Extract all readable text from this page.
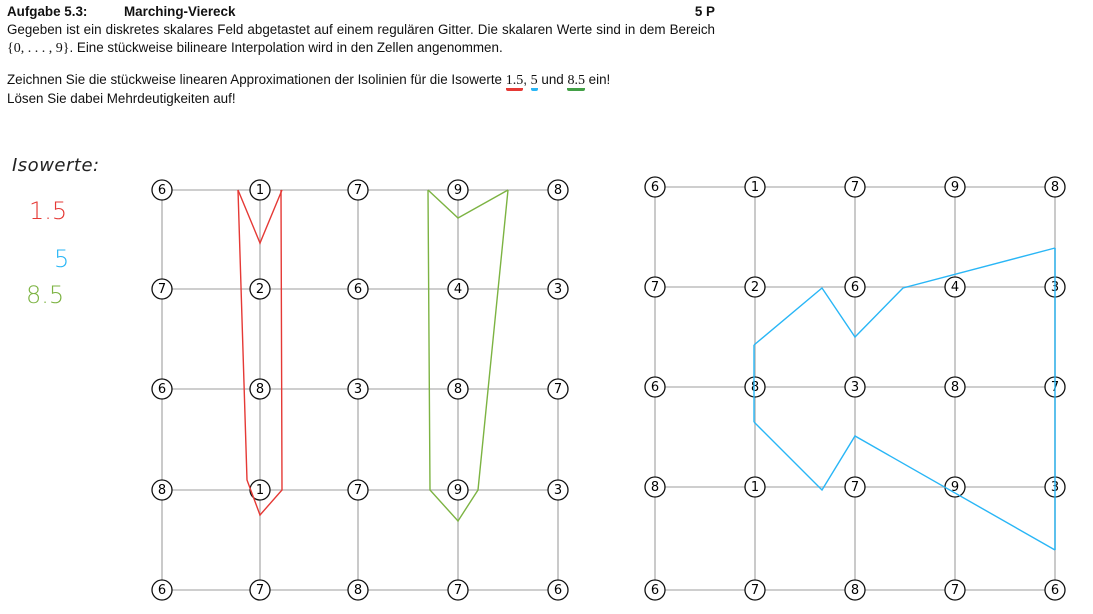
Aufgabe 5.3:	Marching-Viereck	5 P

Gegeben ist ein diskretes skalares Feld abgetastet auf einem regulären Gitter. Die skalaren Werte sind in dem Bereich {0, . . . , 9}. Eine stückweise bilineare Interpolation wird in den Zellen angenommen.

Zeichnen Sie die stückweise linearen Approximationen der Isolinien für die Isowerte 1.5, 5 und 8.5 ein!
Lösen Sie dabei Mehrdeutigkeiten auf!

Isowerte:
1.5
5
8.5
6	1	7	9	8
7	2	6	4	3
6	8	3	8	7
8	1	7	9	3
6	7	8	7	6
6	1	7	9	8
7	2	6	4	3
6	8	3	8	7
8	1	7	9	3
6	7	8	7	6
